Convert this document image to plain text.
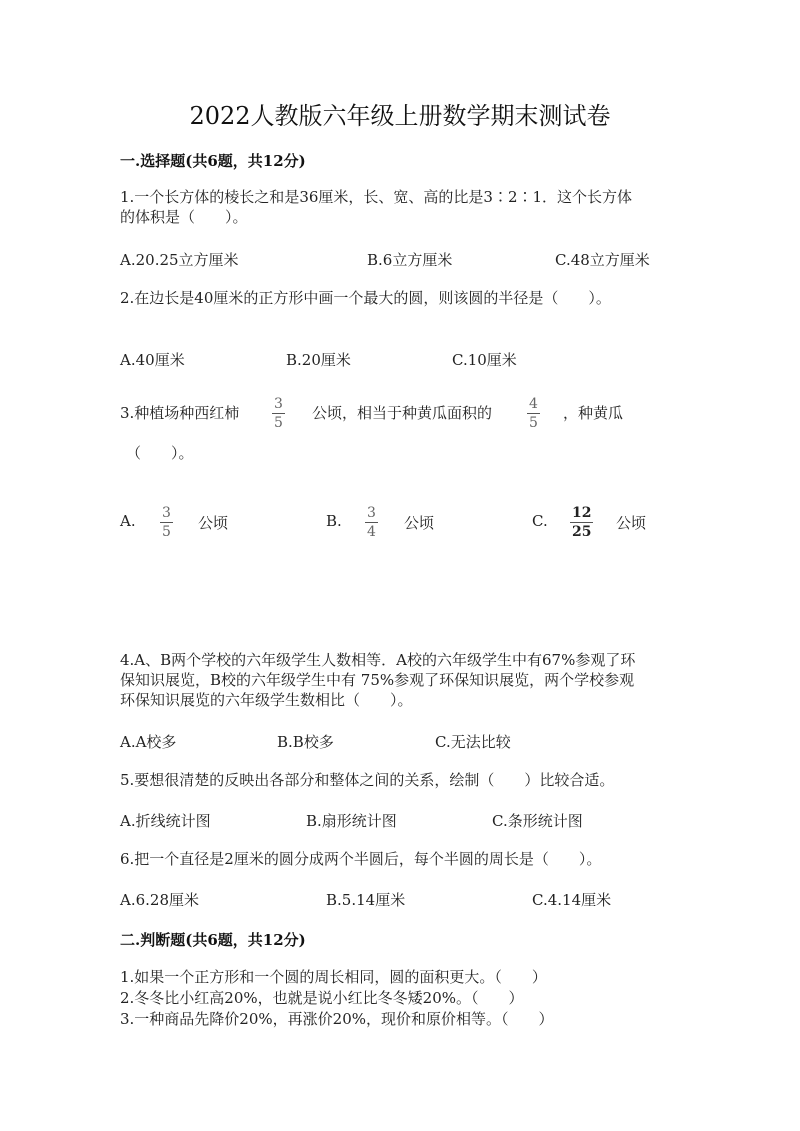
2022人教版六年级上册数学期末测试卷
一.选择题(共6题，共12分)
1.一个长方体的棱长之和是36厘米，长、宽、高的比是3∶2∶1．这个长方体
的体积是（　　）。
A.20.25立方厘米	B.6立方厘米	C.48立方厘米
2.在边长是40厘米的正方形中画一个最大的圆，则该圆的半径是（　　）。
A.40厘米	B.20厘米	C.10厘米
3.种植场种西红柿 $\frac{3}{5}$ 公顷，相当于种黄瓜面积的 $\frac{4}{5}$ ，种黄瓜
（　　）。
A. $\frac{3}{5}$ 公顷	B. $\frac{3}{4}$ 公顷	C. $\frac{12}{25}$ 公顷
4.A、B两个学校的六年级学生人数相等．A校的六年级学生中有67%参观了环
保知识展览，B校的六年级学生中有 75%参观了环保知识展览，两个学校参观
环保知识展览的六年级学生数相比（　　）。
A.A校多	B.B校多	C.无法比较
5.要想很清楚的反映出各部分和整体之间的关系，绘制（　　）比较合适。
A.折线统计图	B.扇形统计图	C.条形统计图
6.把一个直径是2厘米的圆分成两个半圆后，每个半圆的周长是（　　）。
A.6.28厘米	B.5.14厘米	C.4.14厘米
二.判断题(共6题，共12分)
1.如果一个正方形和一个圆的周长相同，圆的面积更大。（　　）
2.冬冬比小红高20%，也就是说小红比冬冬矮20%。（　　）
3.一种商品先降价20%，再涨价20%，现价和原价相等。（　　）
